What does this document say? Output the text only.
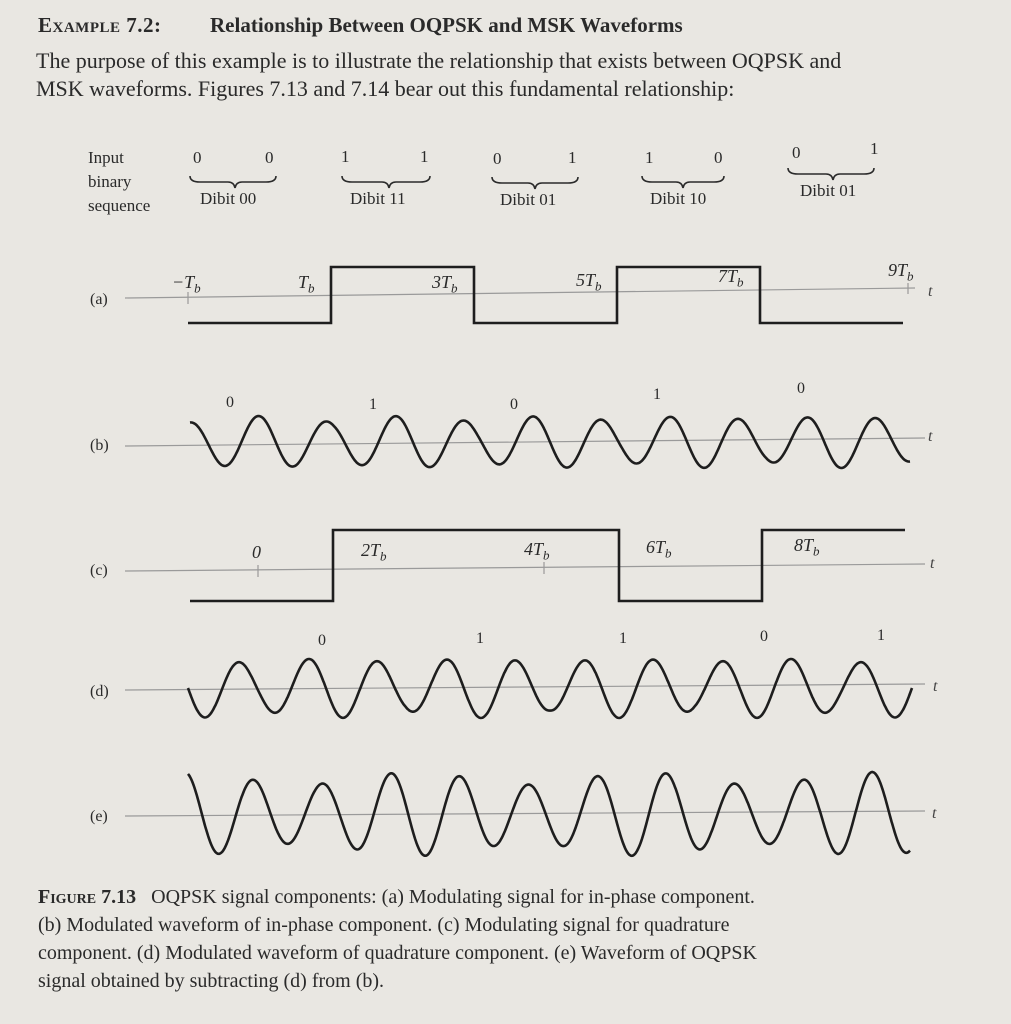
Example 7.2: Relationship Between OQPSK and MSK Waveforms
The purpose of this example is to illustrate the relationship that exists between OQPSK and
MSK waveforms. Figures 7.13 and 7.14 bear out this fundamental relationship:
Input
binary
sequence
0	0
Dibit 00
1	1
Dibit 11
0	1
Dibit 01
1	0
Dibit 10
0	1
Dibit 01
(a)
(b)
(c)
(d)
(e)
$-T_b$	$T_b$	$3T_b$	$5T_b$
$7T_b$
$9T_b$
t
0	1	0
1	0
t
0	$2T_b$	$4T_b$	$6T_b$	$8T_b$
t
0	1	1	0	1
t
t
Figure 7.13 OQPSK signal components: (a) Modulating signal for in-phase component.
(b) Modulated waveform of in-phase component. (c) Modulating signal for quadrature
component. (d) Modulated waveform of quadrature component. (e) Waveform of OQPSK
signal obtained by subtracting (d) from (b).
